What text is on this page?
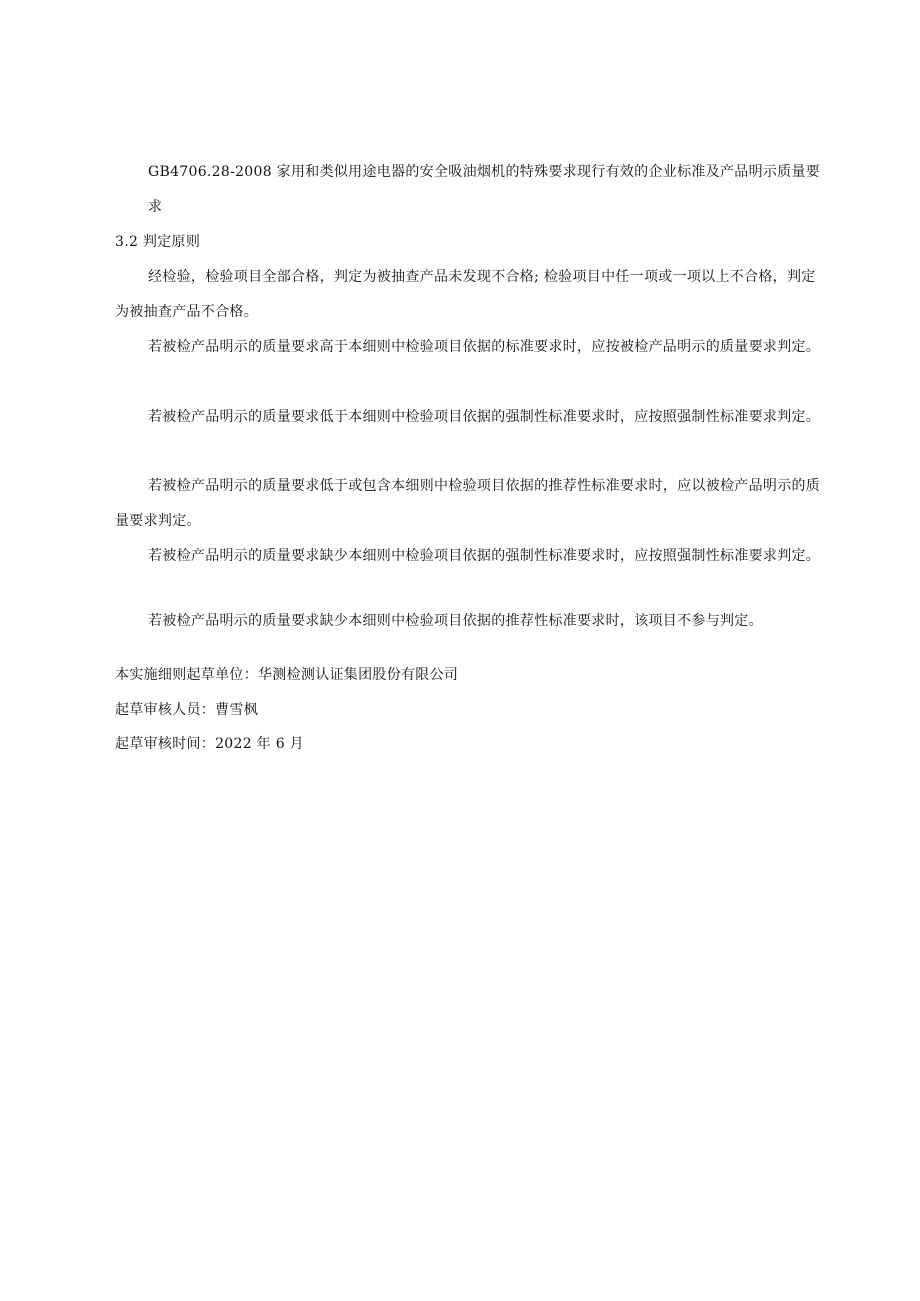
GB4706.28-2008 家用和类似用途电器的安全吸油烟机的特殊要求现行有效的企业标准及产品明示质量要求
3.2 判定原则
经检验，检验项目全部合格，判定为被抽查产品未发现不合格; 检验项目中任一项或一项以上不合格，判定为被抽查产品不合格。
若被检产品明示的质量要求高于本细则中检验项目依据的标准要求时，应按被检产品明示的质量要求判定。
若被检产品明示的质量要求低于本细则中检验项目依据的强制性标准要求时，应按照强制性标准要求判定。
若被检产品明示的质量要求低于或包含本细则中检验项目依据的推荐性标准要求时，应以被检产品明示的质量要求判定。
若被检产品明示的质量要求缺少本细则中检验项目依据的强制性标准要求时，应按照强制性标准要求判定。
若被检产品明示的质量要求缺少本细则中检验项目依据的推荐性标准要求时，该项目不参与判定。
本实施细则起草单位：华测检测认证集团股份有限公司
起草审核人员：曹雪枫
起草审核时间：2022 年 6 月
